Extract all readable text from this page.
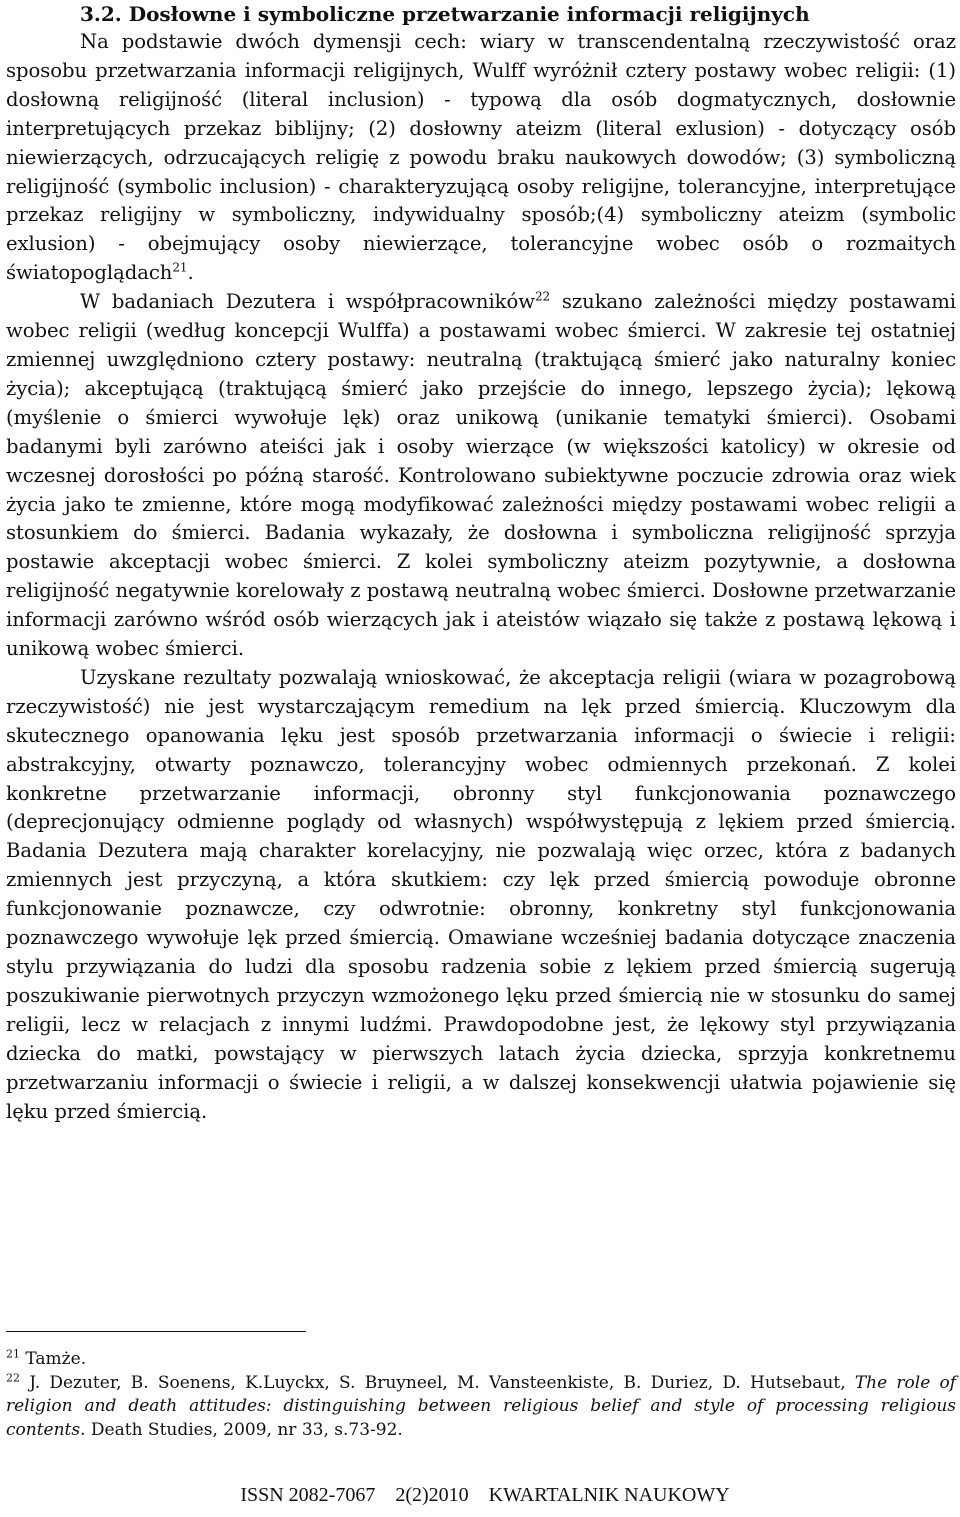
3.2. Dosłowne i symboliczne przetwarzanie informacji religijnych

Na podstawie dwóch dymensji cech: wiary w transcendentalną rzeczywistość oraz sposobu przetwarzania informacji religijnych, Wulff wyróżnił cztery postawy wobec religii: (1) dosłowną religijność (literal inclusion) - typową dla osób dogmatycznych, dosłownie interpretujących przekaz biblijny; (2) dosłowny ateizm (literal exlusion) - dotyczący osób niewierzących, odrzucających religię z powodu braku naukowych dowodów; (3) symboliczną religijność (symbolic inclusion) - charakteryzującą osoby religijne, tolerancyjne, interpretujące przekaz religijny w symboliczny, indywidualny sposób;(4) symboliczny ateizm (symbolic exlusion) - obejmujący osoby niewierzące, tolerancyjne wobec osób o rozmaitych światopoglądach$^{21}$.

W badaniach Dezutera i współpracowników$^{22}$ szukano zależności między postawami wobec religii (według koncepcji Wulffa) a postawami wobec śmierci. W zakresie tej ostatniej zmiennej uwzględniono cztery postawy: neutralną (traktującą śmierć jako naturalny koniec życia); akceptującą (traktującą śmierć jako przejście do innego, lepszego życia); lękową (myślenie o śmierci wywołuje lęk) oraz unikową (unikanie tematyki śmierci). Osobami badanymi byli zarówno ateiści jak i osoby wierzące (w większości katolicy) w okresie od wczesnej dorosłości po późną starość. Kontrolowano subiektywne poczucie zdrowia oraz wiek życia jako te zmienne, które mogą modyfikować zależności między postawami wobec religii a stosunkiem do śmierci. Badania wykazały, że dosłowna i symboliczna religijność sprzyja postawie akceptacji wobec śmierci. Z kolei symboliczny ateizm pozytywnie, a dosłowna religijność negatywnie korelowały z postawą neutralną wobec śmierci. Dosłowne przetwarzanie informacji zarówno wśród osób wierzących jak i ateistów wiązało się także z postawą lękową i unikową wobec śmierci.

Uzyskane rezultaty pozwalają wnioskować, że akceptacja religii (wiara w pozagrobową rzeczywistość) nie jest wystarczającym remedium na lęk przed śmiercią. Kluczowym dla skutecznego opanowania lęku jest sposób przetwarzania informacji o świecie i religii: abstrakcyjny, otwarty poznawczo, tolerancyjny wobec odmiennych przekonań. Z kolei konkretne przetwarzanie informacji, obronny styl funkcjonowania poznawczego (deprecjonujący odmienne poglądy od własnych) współwystępują z lękiem przed śmiercią. Badania Dezutera mają charakter korelacyjny, nie pozwalają więc orzec, która z badanych zmiennych jest przyczyną, a która skutkiem: czy lęk przed śmiercią powoduje obronne funkcjonowanie poznawcze, czy odwrotnie: obronny, konkretny styl funkcjonowania poznawczego wywołuje lęk przed śmiercią. Omawiane wcześniej badania dotyczące znaczenia stylu przywiązania do ludzi dla sposobu radzenia sobie z lękiem przed śmiercią sugerują poszukiwanie pierwotnych przyczyn wzmożonego lęku przed śmiercią nie w stosunku do samej religii, lecz w relacjach z innymi ludźmi. Prawdopodobne jest, że lękowy styl przywiązania dziecka do matki, powstający w pierwszych latach życia dziecka, sprzyja konkretnemu przetwarzaniu informacji o świecie i religii, a w dalszej konsekwencji ułatwia pojawienie się lęku przed śmiercią.

$^{21}$ Tamże.

$^{22}$ J. Dezuter, B. Soenens, K.Luyckx, S. Bruyneel, M. Vansteenkiste, B. Duriez, D. Hutsebaut, The role of religion and death attitudes: distinguishing between religious belief and style of processing religious contents. Death Studies, 2009, nr 33, s.73-92.

ISSN 2082-7067    2(2)2010    KWARTALNIK NAUKOWY
